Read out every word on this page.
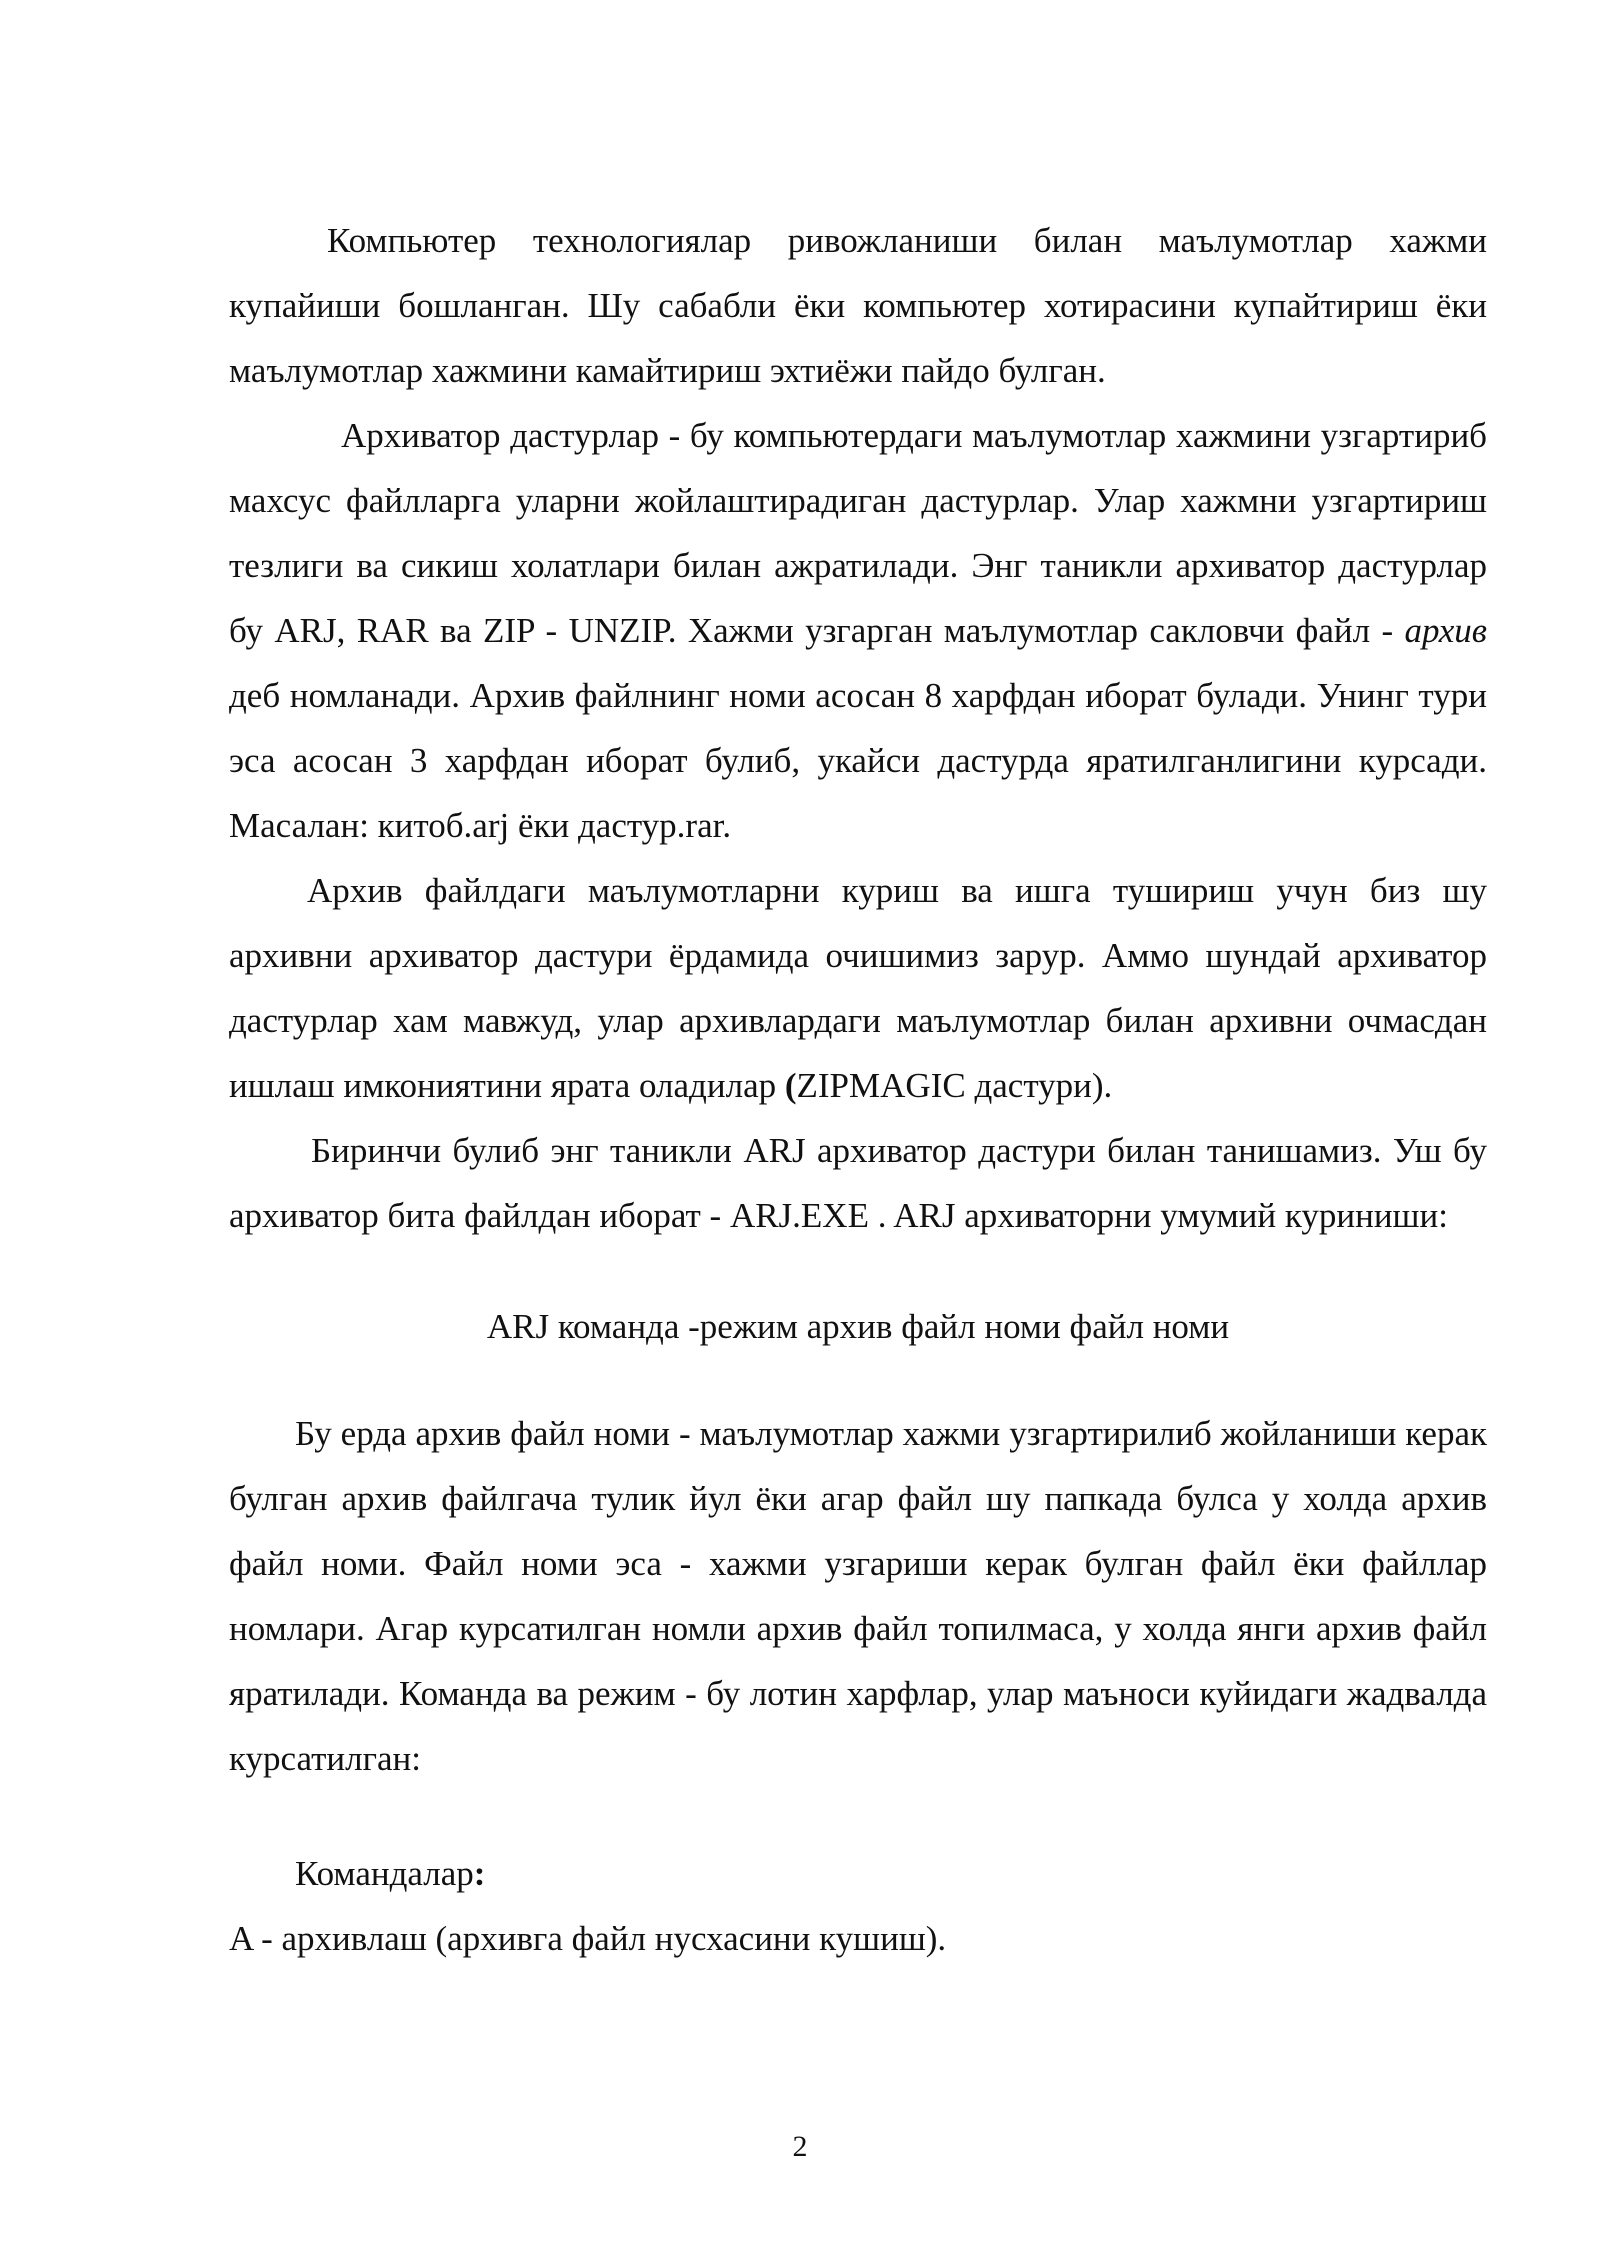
Компьютер технологиялар ривожланиши билан маълумотлар хажми купайиши бошланган. Шу сабабли ёки компьютер хотирасини купайтириш ёки маълумотлар хажмини камайтириш эхтиёжи пайдо булган.

Архиватор дастурлар - бу компьютердаги маълумотлар хажмини узгартириб махсус файлларга уларни жойлаштирадиган дастурлар. Улар хажмни узгартириш тезлиги ва сикиш холатлари билан ажратилади. Энг таникли архиватор дастурлар бу ARJ, RAR ва ZIP - UNZIP. Хажми узгарган маълумотлар сакловчи файл - архив деб номланади. Архив файлнинг номи асосан 8 харфдан иборат булади. Унинг тури эса асосан 3 харфдан иборат булиб, укайси дастурда яратилганлигини курсади. Масалан: китоб.arj ёки дастур.rar.

Архив файлдаги маълумотларни куриш ва ишга тушириш учун биз шу архивни архиватор дастури ёрдамида очишимиз зарур. Аммо шундай архиватор дастурлар хам мавжуд, улар архивлардаги маълумотлар билан архивни очмасдан ишлаш имкониятини ярата оладилар (ZIPMAGIC дастури).

Биринчи булиб энг таникли ARJ архиватор дастури билан танишамиз. Уш бу архиватор бита файлдан иборат - ARJ.EXE . ARJ архиваторни умумий куриниши:

ARJ команда -режим архив файл номи файл номи

Бу ерда архив файл номи - маълумотлар хажми узгартирилиб жойланиши керак булган архив файлгача тулик йул ёки агар файл шу папкада булса у холда архив файл номи. Файл номи эса - хажми узгариши керак булган файл ёки файллар номлари. Агар курсатилган номли архив файл топилмаса, у холда янги архив файл яратилади. Команда ва режим - бу лотин харфлар, улар маъноси куйидаги жадвалда курсатилган:

Командалар:

A - архивлаш (архивга файл нусхасини кушиш).

2
